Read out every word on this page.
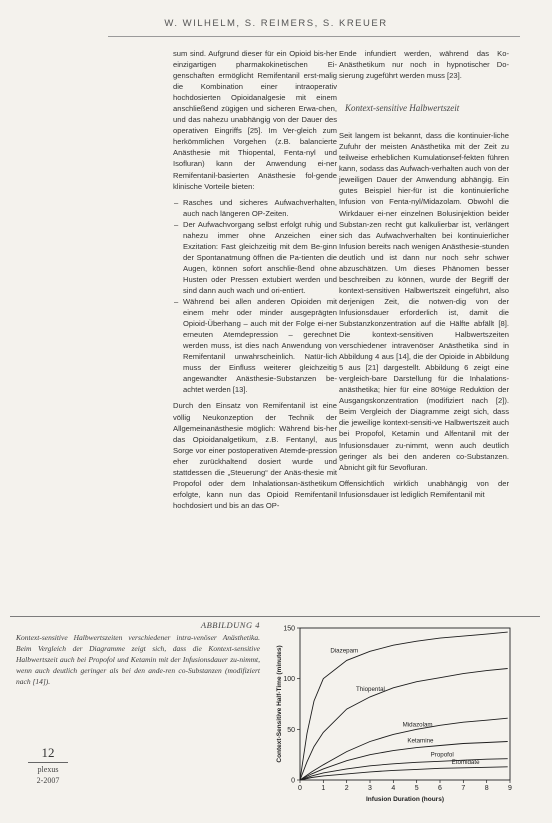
W. WILHELM, S. REIMERS, S. KREUER

sum sind. Aufgrund dieser für ein Opioid bis-her einzigartigen pharmakokinetischen Ei-genschaften ermöglicht Remifentanil erst-malig die Kombination einer intraoperativ hochdosierten Opioidanalgesie mit einem anschließend zügigen und sicheren Erwa-chen, und das nahezu unabhängig von der Dauer des operativen Eingriffs [25]. Im Ver-gleich zum herkömmlichen Vorgehen (z.B. balancierte Anästhesie mit Thiopental, Fenta-nyl und Isofluran) kann der Anwendung ei-ner Remifentanil-basierten Anästhesie fol-gende klinische Vorteile bieten:

– Rasches und sicheres Aufwachverhalten, auch nach längeren OP-Zeiten.
– Der Aufwachvorgang selbst erfolgt ruhig und nahezu immer ohne Anzeichen einer Exzitation: Fast gleichzeitig mit dem Be-ginn der Spontanatmung öffnen die Pa-tienten die Augen, können sofort anschlie-ßend ohne Husten oder Pressen extubiert werden und sind dann auch wach und ori-entiert.
– Während bei allen anderen Opioiden mit einem mehr oder minder ausgeprägten Opioid-Überhang – auch mit der Folge ei-ner erneuten Atemdepression – gerechnet werden muss, ist dies nach Anwendung von Remifentanil unwahrscheinlich. Natür-lich muss der Einfluss weiterer gleichzeitig angewandter Anästhesie-Substanzen be-achtet werden [13].

Durch den Einsatz von Remifentanil ist eine völlig Neukonzeption der Technik der Allgemeinanästhesie möglich: Während bis-her das Opioidanalgetikum, z.B. Fentanyl, aus Sorge vor einer postoperativen Atemde-pression eher zurückhaltend dosiert wurde und stattdessen die „Steuerung“ der Anäs-thesie mit Propofol oder dem Inhalationsan-ästhetikum erfolgte, kann nun das Opioid Remifentanil hochdosiert und bis an das OP-

Ende infundiert werden, während das Ko-Anästhetikum nur noch in hypnotischer Do-sierung zugeführt werden muss [23].

Kontext-sensitive Halbwertszeit

Seit langem ist bekannt, dass die kontinuier-liche Zufuhr der meisten Anästhetika mit der Zeit zu teilweise erheblichen Kumulationsef-fekten führen kann, sodass das Aufwach-verhalten auch von der jeweiligen Dauer der Anwendung abhängig. Ein gutes Beispiel hier-für ist die kontinuierliche Infusion von Fenta-nyl/Midazolam. Obwohl die Wirkdauer ei-ner einzelnen Bolusinjektion beider Substan-zen recht gut kalkulierbar ist, verlängert sich das Aufwachverhalten bei kontinuierlicher Infusion bereits nach wenigen Anästhesie-stunden deutlich und ist dann nur noch sehr schwer abzuschätzen. Um dieses Phänomen besser beschreiben zu können, wurde der Begriff der kontext-sensitiven Halbwertszeit eingeführt, also derjenigen Zeit, die notwen-dig von der Infusionsdauer erforderlich ist, damit die Substanzkonzentration auf die Hälfte abfällt [8]. Die kontext-sensitiven Halbwertszeiten verschiedener intravenöser Anästhetika sind in Abbildung 4 aus [14], die der Opioide in Abbildung 5 aus [21] dargestellt. Abbildung 6 zeigt eine vergleich-bare Darstellung für die Inhalations-anästhetika; hier für eine 80%ige Reduktion der Ausgangskonzentration (modifiziert nach [2]). Beim Vergleich der Diagramme zeigt sich, dass die jeweilige kontext-sensiti-ve Halbwertszeit auch bei Propofol, Ketamin und Alfentanil mit der Infusionsdauer zu-nimmt, wenn auch deutlich geringer als bei den anderen co-Substanzen. Abnicht gilt für Sevofluran.

Offensichtlich wirklich unabhängig von der Infusionsdauer ist lediglich Remifentanil mit

ABBILDUNG 4
Kontext-sensitive Halbwertszeiten verschiedener intra-venöser Anästhetika. Beim Vergleich der Diagramme zeigt sich, dass die Kontext-sensitive Halbwertszeit auch bei Propofol und Ketamin mit der Infusionsdauer zu-nimmt, wenn auch deutlich geringer als bei den ande-ren co-Substanzen (modifiziert nach [14]).
12
plexus
2-2007
0	1	2	3	4	5	6	7	8	9
0
50
100
150
Infusion Duration (hours)
Context-Sensitive Half-Time (minutes)	Diazepam
Thiopental
Midazolam
Ketamine
Propofol
Etomidate
